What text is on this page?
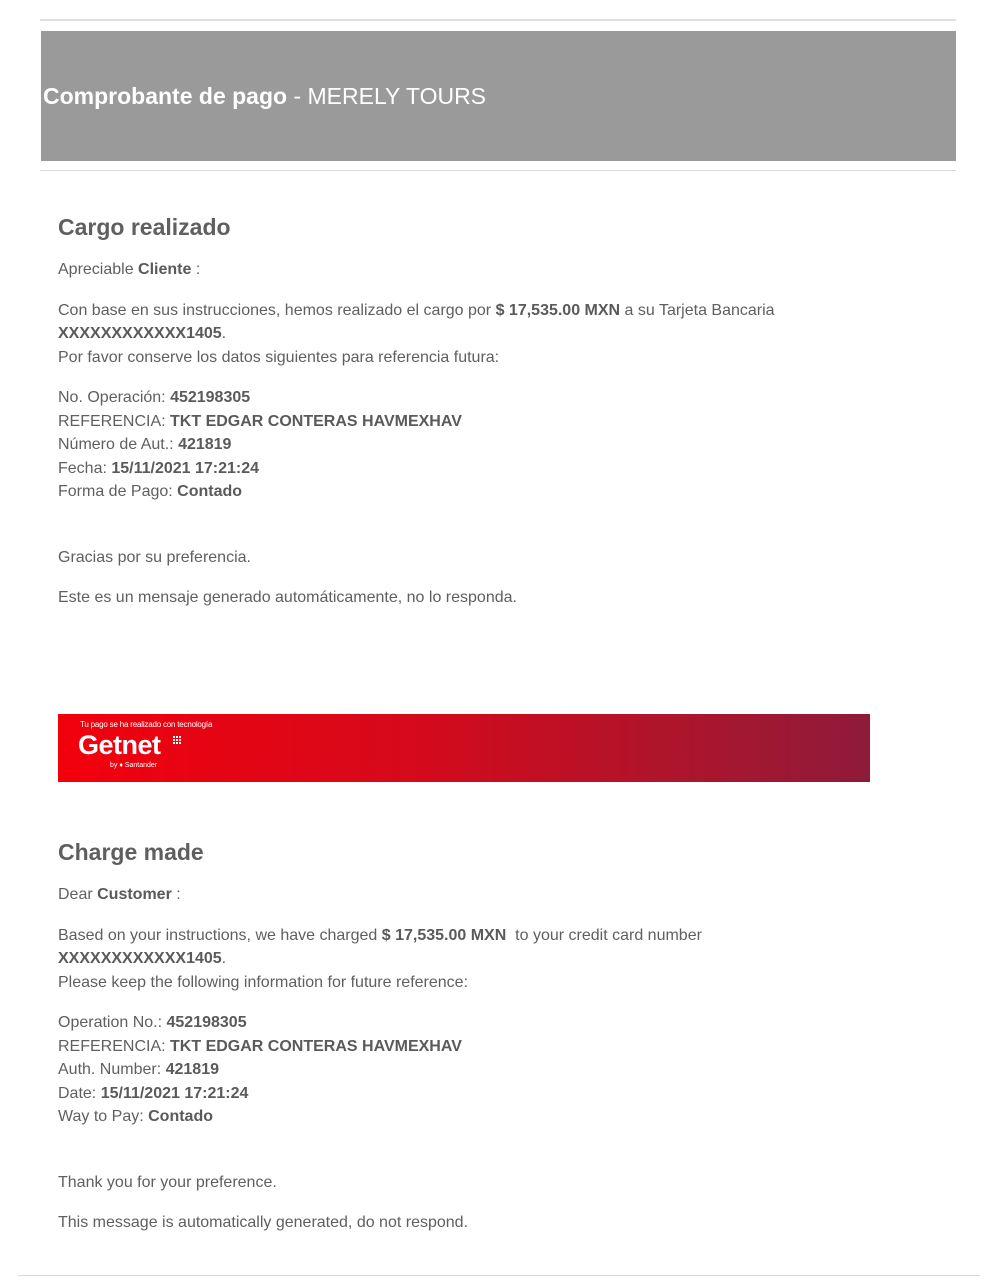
Comprobante de pago - MERELY TOURS
Cargo realizado

Apreciable Cliente :

Con base en sus instrucciones, hemos realizado el cargo por $ 17,535.00 MXN a su Tarjeta Bancaria
XXXXXXXXXXXX1405.
Por favor conserve los datos siguientes para referencia futura:

No. Operación: 452198305

REFERENCIA: TKT EDGAR CONTERAS HAVMEXHAV

Número de Aut.: 421819

Fecha: 15/11/2021 17:21:24

Forma de Pago: Contado

Gracias por su preferencia.

Este es un mensaje generado automáticamente, no lo responda.

Tu pago se ha realizado con tecnología
Getnet
by ♦ Santander
Charge made

Dear Customer :

Based on your instructions, we have charged $ 17,535.00 MXN  to your credit card number
XXXXXXXXXXXX1405.
Please keep the following information for future reference:

Operation No.: 452198305

REFERENCIA: TKT EDGAR CONTERAS HAVMEXHAV

Auth. Number: 421819

Date: 15/11/2021 17:21:24

Way to Pay: Contado

Thank you for your preference.

This message is automatically generated, do not respond.
